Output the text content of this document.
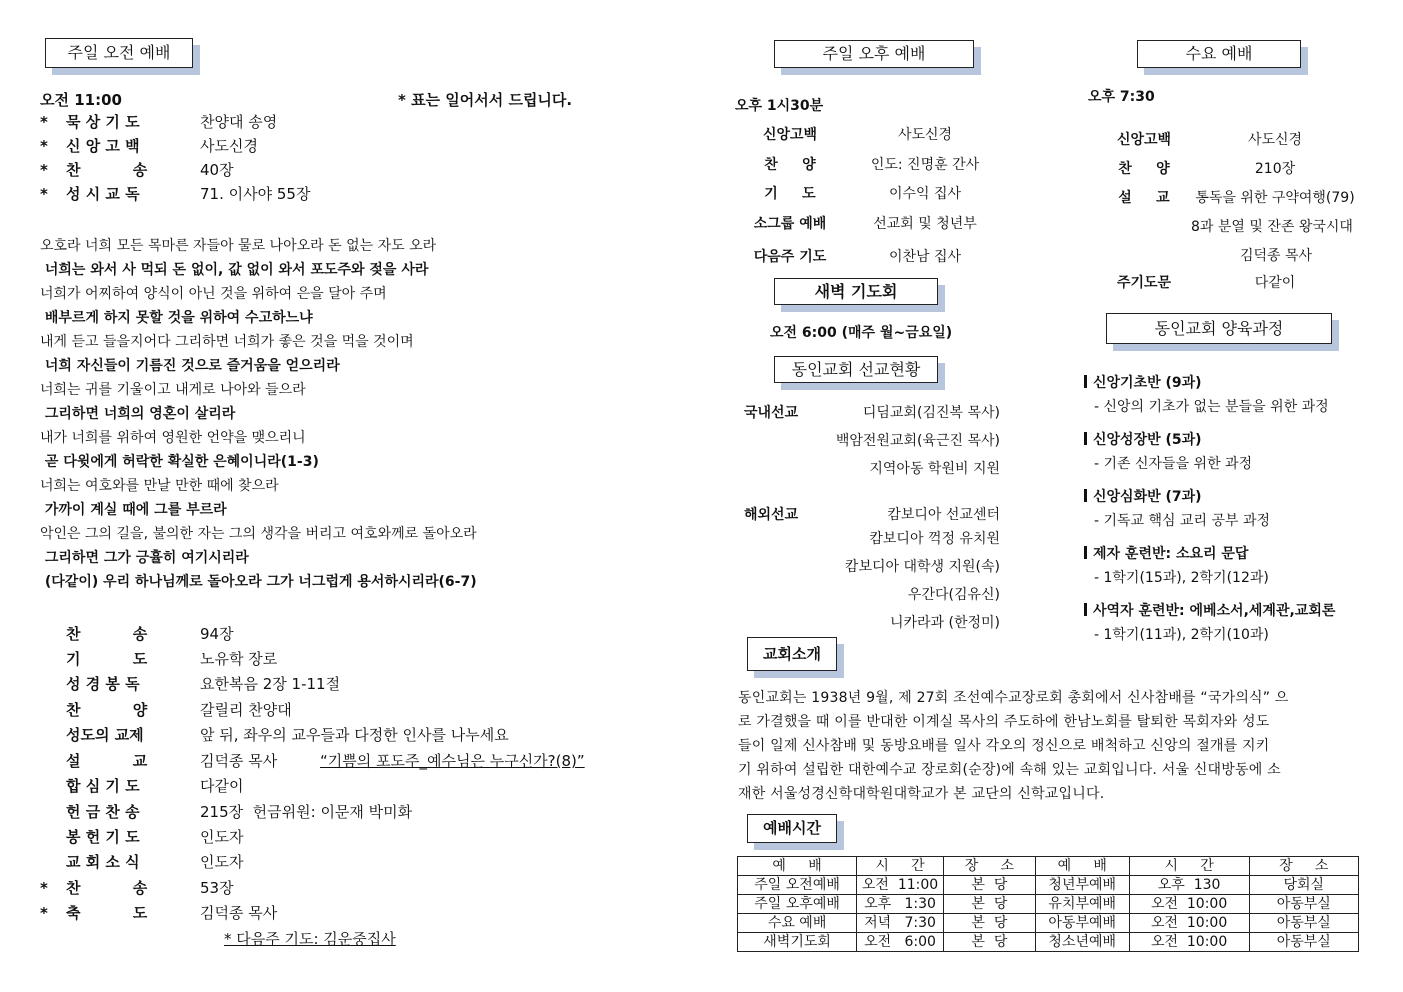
주일 오전 예배
오전 11:00	* 표는 일어서서 드립니다.
* 묵 상 기 도	찬양대 송영
* 신 앙 고 백	사도신경
* 찬          송	40장
* 성 시 교 독	71. 이사야 55장
오호라 너희 모든 목마른 자들아 물로 나아오라 돈 없는 자도 오라
너희는 와서 사 먹되 돈 없이, 값 없이 와서 포도주와 젖을 사라
너희가 어찌하여 양식이 아닌 것을 위하여 은을 달아 주며
배부르게 하지 못할 것을 위하여 수고하느냐
내게 듣고 들을지어다 그리하면 너희가 좋은 것을 먹을 것이며
너희 자신들이 기름진 것으로 즐거움을 얻으리라
너희는 귀를 기울이고 내게로 나아와 들으라
그리하면 너희의 영혼이 살리라
내가 너희를 위하여 영원한 언약을 맺으리니
곧 다윗에게 허락한 확실한 은혜이니라(1-3)
너희는 여호와를 만날 만한 때에 찾으라
가까이 계실 때에 그를 부르라
악인은 그의 길을, 불의한 자는 그의 생각을 버리고 여호와께로 돌아오라
그리하면 그가 긍휼히 여기시리라
(다같이) 우리 하나님께로 돌아오라 그가 너그럽게 용서하시리라(6-7)
찬          송	94장
기          도	노유학 장로
성 경 봉 독	요한복음 2장 1-11절
찬          양	갈릴리 찬양대
성도의 교제	앞 뒤, 좌우의 교우들과 다정한 인사를 나누세요
설          교	김덕종 목사	“기쁨의 포도주_예수님은 누구신가?(8)”
합 심 기 도	다같이
헌 금 찬 송	215장  헌금위원: 이문재 박미화
봉 헌 기 도	인도자
교 회 소 식	인도자
* 찬          송	53장
* 축          도	김덕종 목사
* 다음주 기도: 김운중집사
주일 오후 예배
오후 1시30분
신앙고백	사도신경
찬     양	인도: 진명훈 간사
기     도	이수익 집사
소그룹 예배	선교회 및 청년부
다음주 기도	이찬남 집사
새벽 기도회
오전 6:00 (매주 월~금요일)
동인교회 선교현황
국내선교	디딤교회(김진복 목사)
백암전원교회(육근진 목사)
지역아동 학원비 지원
해외선교	캄보디아 선교센터
캄보디아 꺽정 유치원
캄보디아 대학생 지원(속)
우간다(김유신)
니카라과 (한정미)
수요 예배
오후 7:30
신앙고백	사도신경
찬     양	210장
설     교 통독을 위한 구약여행(79)
8과 분열 및 잔존 왕국시대
김덕종 목사
주기도문	다같이
동인교회 양육과정
신앙기초반 (9과)
- 신앙의 기초가 없는 분들을 위한 과정
신앙성장반 (5과)
- 기존 신자들을 위한 과정
신앙심화반 (7과)
- 기독교 핵심 교리 공부 과정
제자 훈련반: 소요리 문답
- 1학기(15과), 2학기(12과)
사역자 훈련반: 에베소서,세계관,교회론
- 1학기(11과), 2학기(10과)
교회소개
동인교회는 1938년 9월, 제 27회 조선예수교장로회 총회에서 신사참배를 “국가의식” 으
로 가결했을 때 이를 반대한 이계실 목사의 주도하에 한남노회를 탈퇴한 목회자와 성도
들이 일제 신사참배 및 동방요배를 일사 각오의 정신으로 배척하고 신앙의 절개를 지키
기 위하여 설립한 대한예수교 장로회(순장)에 속해 있는 교회입니다. 서울 신대방동에 소
재한 서울성경신학대학원대학교가 본 교단의 신학교입니다.
예배시간
예     배	시     간	장     소	예     배	시     간	장     소
주일 오전예배	오전  11:00	본  당	청년부예배	오후  130	당회실
주일 오후예배	오후   1:30	본  당	유치부예배	오전  10:00	아동부실
수요 예배	저녁   7:30	본  당	아동부예배	오전  10:00	아동부실
새벽기도회	오전   6:00	본  당	청소년예배	오전  10:00	아동부실
